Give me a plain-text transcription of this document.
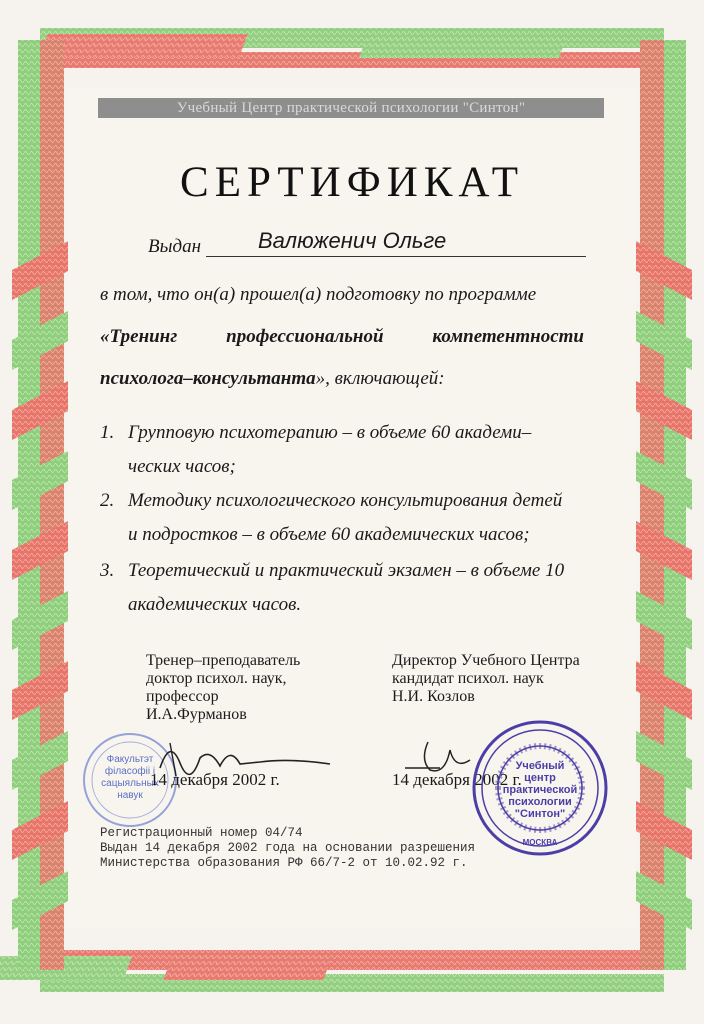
Учебный Центр практической психологии "Синтон"
СЕРТИФИКАТ
Выдан	Валюженич Ольге
в том, что он(а) прошел(а) подготовку по программе
«Тренинг	профессиональной	компетентности
психолога–консультанта», включающей:
1. Групповую психотерапию – в объеме 60 академи–
ческих часов;
2. Методику психологического консультирования детей
и подростков – в объеме 60 академических часов;
3. Теоретический и практический экзамен – в объеме 10
академических часов.
Тренер–преподаватель
доктор психол. наук,
профессор
И.А.Фурманов
Директор Учебного Центра
кандидат психол. наук
Н.И. Козлов
Факультэт
філасофіі і
сацыяльных
навук
14 декабря 2002 г.	14 декабря 2002 г.
Учебный
центр
практической
психологии
"Синтон"
МОСКВА
Регистрационный номер 04/74
Выдан 14 декабря 2002 года на основании разрешения
Министерства образования РФ 66/7-2 от 10.02.92 г.
